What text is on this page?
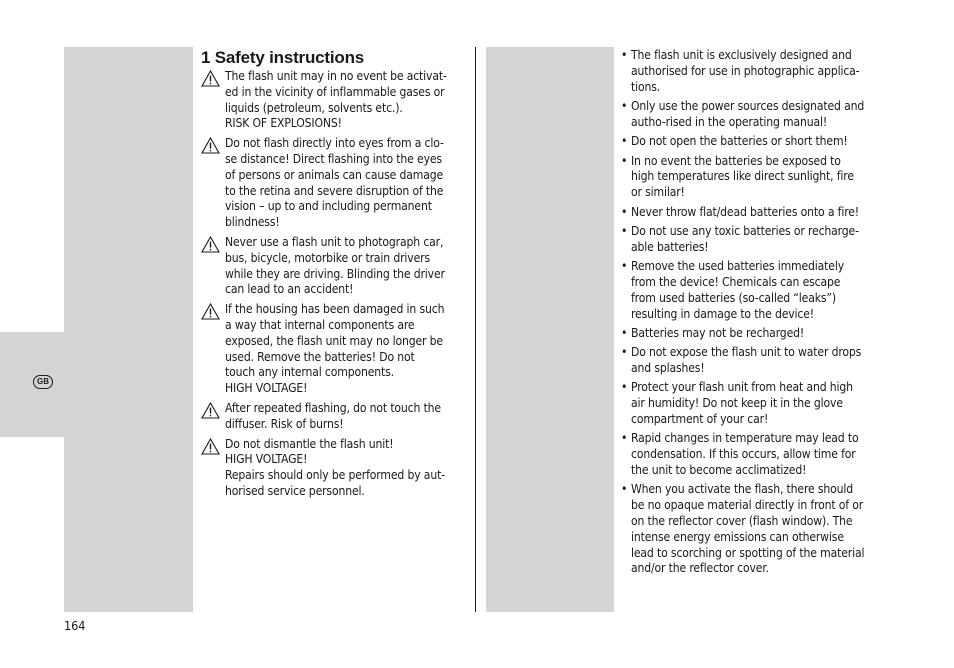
GB
1 Safety instructions

The flash unit may in no event be activat-

ed in the vicinity of inflammable gases or

liquids (petroleum, solvents etc.).

RISK OF EXPLOSIONS!

Do not flash directly into eyes from a clo-

se distance! Direct flashing into the eyes

of persons or animals can cause damage

to the retina and severe disruption of the

vision – up to and including permanent

blindness!

Never use a flash unit to photograph car,

bus, bicycle, motorbike or train drivers

while they are driving. Blinding the driver

can lead to an accident!

If the housing has been damaged in such

a way that internal components are

exposed, the flash unit may no longer be

used. Remove the batteries! Do not

touch any internal components.

HIGH VOLTAGE!

After repeated flashing, do not touch the

diffuser. Risk of burns!

Do not dismantle the flash unit!

HIGH VOLTAGE!

Repairs should only be performed by aut-

horised service personnel.

• The flash unit is exclusively designed and
authorised for use in photographic applica-
tions.
• Only use the power sources designated and
autho-rised in the operating manual!
• Do not open the batteries or short them!
• In no event the batteries be exposed to
high temperatures like direct sunlight, fire
or similar!
• Never throw flat/dead batteries onto a fire!
• Do not use any toxic batteries or recharge-
able batteries!
• Remove the used batteries immediately
from the device! Chemicals can escape
from used batteries (so-called “leaks”)
resulting in damage to the device!
• Batteries may not be recharged!
• Do not expose the flash unit to water drops
and splashes!
• Protect your flash unit from heat and high
air humidity! Do not keep it in the glove
compartment of your car!
• Rapid changes in temperature may lead to
condensation. If this occurs, allow time for
the unit to become acclimatized!
• When you activate the flash, there should
be no opaque material directly in front of or
on the reflector cover (flash window). The
intense energy emissions can otherwise
lead to scorching or spotting of the material
and/or the reflector cover.
164
